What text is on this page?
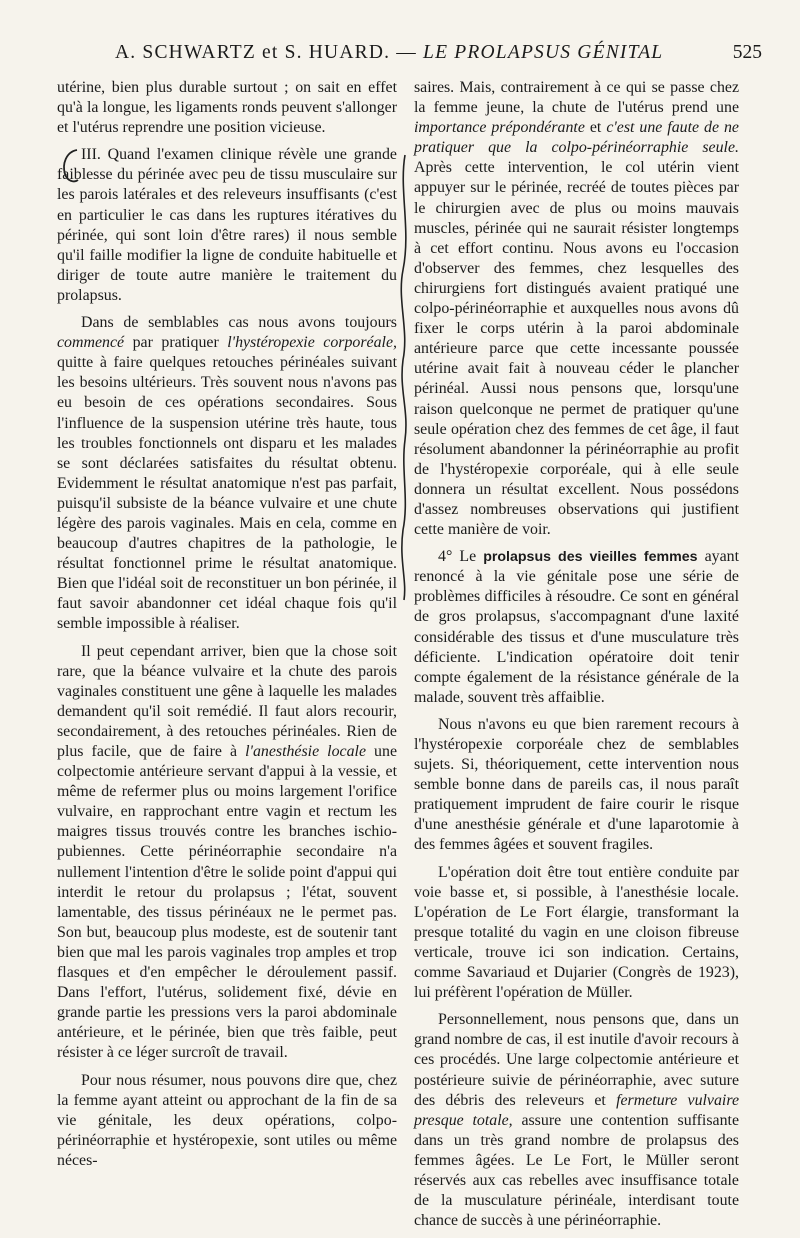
A. SCHWARTZ et S. HUARD. — LE PROLAPSUS GÉNITAL	525

utérine, bien plus durable surtout ; on sait en effet qu'à la longue, les ligaments ronds peuvent s'allonger et l'utérus reprendre une position vicieuse.

III. Quand l'examen clinique révèle une grande faiblesse du périnée avec peu de tissu musculaire sur les parois latérales et des releveurs insuffisants (c'est en particulier le cas dans les ruptures itératives du périnée, qui sont loin d'être rares) il nous semble qu'il faille modifier la ligne de conduite habituelle et diriger de toute autre manière le traitement du prolapsus.

Dans de semblables cas nous avons toujours commencé par pratiquer l'hystéropexie corporéale, quitte à faire quelques retouches périnéales suivant les besoins ultérieurs. Très souvent nous n'avons pas eu besoin de ces opérations secondaires. Sous l'influence de la suspension utérine très haute, tous les troubles fonctionnels ont disparu et les malades se sont déclarées satisfaites du résultat obtenu. Evidemment le résultat anatomique n'est pas parfait, puisqu'il subsiste de la béance vulvaire et une chute légère des parois vaginales. Mais en cela, comme en beaucoup d'autres chapitres de la pathologie, le résultat fonctionnel prime le résultat anatomique. Bien que l'idéal soit de reconstituer un bon périnée, il faut savoir abandonner cet idéal chaque fois qu'il semble impossible à réaliser.

Il peut cependant arriver, bien que la chose soit rare, que la béance vulvaire et la chute des parois vaginales constituent une gêne à laquelle les malades demandent qu'il soit remédié. Il faut alors recourir, secondairement, à des retouches périnéales. Rien de plus facile, que de faire à l'anesthésie locale une colpectomie antérieure servant d'appui à la vessie, et même de refermer plus ou moins largement l'orifice vulvaire, en rapprochant entre vagin et rectum les maigres tissus trouvés contre les branches ischio-pubiennes. Cette périnéorraphie secondaire n'a nullement l'intention d'être le solide point d'appui qui interdit le retour du prolapsus ; l'état, souvent lamentable, des tissus périnéaux ne le permet pas. Son but, beaucoup plus modeste, est de soutenir tant bien que mal les parois vaginales trop amples et trop flasques et d'en empêcher le déroulement passif. Dans l'effort, l'utérus, solidement fixé, dévie en grande partie les pressions vers la paroi abdominale antérieure, et le périnée, bien que très faible, peut résister à ce léger surcroît de travail.

Pour nous résumer, nous pouvons dire que, chez la femme ayant atteint ou approchant de la fin de sa vie génitale, les deux opérations, colpo-périnéorraphie et hystéropexie, sont utiles ou même néces-

saires. Mais, contrairement à ce qui se passe chez la femme jeune, la chute de l'utérus prend une importance prépondérante et c'est une faute de ne pratiquer que la colpo-périnéorraphie seule. Après cette intervention, le col utérin vient appuyer sur le périnée, recréé de toutes pièces par le chirurgien avec de plus ou moins mauvais muscles, périnée qui ne saurait résister longtemps à cet effort continu. Nous avons eu l'occasion d'observer des femmes, chez lesquelles des chirurgiens fort distingués avaient pratiqué une colpo-périnéorraphie et auxquelles nous avons dû fixer le corps utérin à la paroi abdominale antérieure parce que cette incessante poussée utérine avait fait à nouveau céder le plancher périnéal. Aussi nous pensons que, lorsqu'une raison quelconque ne permet de pratiquer qu'une seule opération chez des femmes de cet âge, il faut résolument abandonner la périnéorraphie au profit de l'hystéropexie corporéale, qui à elle seule donnera un résultat excellent. Nous possédons d'assez nombreuses observations qui justifient cette manière de voir.

4° Le prolapsus des vieilles femmes ayant renoncé à la vie génitale pose une série de problèmes difficiles à résoudre. Ce sont en général de gros prolapsus, s'accompagnant d'une laxité considérable des tissus et d'une musculature très déficiente. L'indication opératoire doit tenir compte également de la résistance générale de la malade, souvent très affaiblie.

Nous n'avons eu que bien rarement recours à l'hystéropexie corporéale chez de semblables sujets. Si, théoriquement, cette intervention nous semble bonne dans de pareils cas, il nous paraît pratiquement imprudent de faire courir le risque d'une anesthésie générale et d'une laparotomie à des femmes âgées et souvent fragiles.

L'opération doit être tout entière conduite par voie basse et, si possible, à l'anesthésie locale. L'opération de Le Fort élargie, transformant la presque totalité du vagin en une cloison fibreuse verticale, trouve ici son indication. Certains, comme Savariaud et Dujarier (Congrès de 1923), lui préfèrent l'opération de Müller.

Personnellement, nous pensons que, dans un grand nombre de cas, il est inutile d'avoir recours à ces procédés. Une large colpectomie antérieure et postérieure suivie de périnéorraphie, avec suture des débris des releveurs et fermeture vulvaire presque totale, assure une contention suffisante dans un très grand nombre de prolapsus des femmes âgées. Le Le Fort, le Müller seront réservés aux cas rebelles avec insuffisance totale de la musculature périnéale, interdisant toute chance de succès à une périnéorraphie.
